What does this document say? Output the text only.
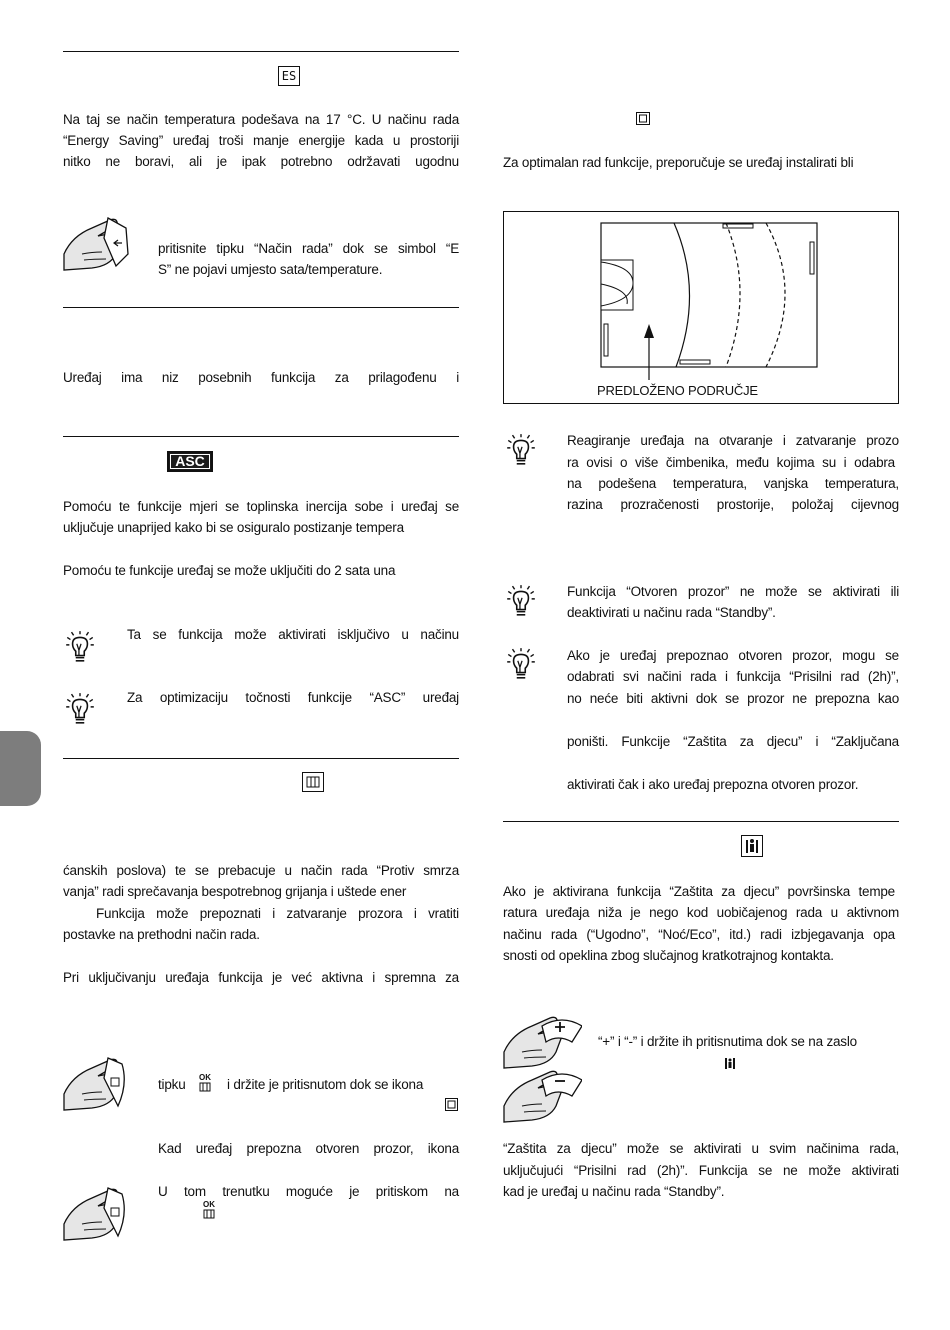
ES
Na taj se način temperatura podešava na 17 °C. U načinu rada
“Energy Saving” uređaj troši manje energije kada u prostoriji
nitko ne boravi, ali je ipak potrebno održavati ugodnu
pritisnite tipku “Način rada” dok se simbol “E
S” ne pojavi umjesto sata/temperature.
Uređaj ima niz posebnih funkcija za prilagođenu i
ASC
Pomoću te funkcije mjeri se toplinska inercija sobe i uređaj se
uključuje unaprijed kako bi se osiguralo postizanje tempera
Pomoću te funkcije uređaj se može uključiti do 2 sata una
Ta se funkcija može aktivirati isključivo u načinu
Za optimizaciju točnosti funkcije “ASC” uređaj
ćanskih poslova) te se prebacuje u način rada “Protiv smrza
vanja” radi sprečavanja bespotrebnog grijanja i uštede ener
Funkcija može prepoznati i zatvaranje prozora i vratiti
postavke na prethodni način rada.
Pri uključivanju uređaja funkcija je već aktivna i spremna za
tipku	OK i držite je pritisnutom dok se ikona
Kad uređaj prepozna otvoren prozor, ikona
U tom trenutku moguće je pritiskom na
OK
Za optimalan rad funkcije, preporučuje se uređaj instalirati bli
PREDLOŽENO PODRUČJE
Reagiranje uređaja na otvaranje i zatvaranje prozo
ra ovisi o više čimbenika, među kojima su i odabra
na podešena temperatura, vanjska temperatura,
razina prozračenosti prostorije, položaj cijevnog
Funkcija “Otvoren prozor” ne može se aktivirati ili
deaktivirati u načinu rada “Standby”.
Ako je uređaj prepoznao otvoren prozor, mogu se
odabrati svi načini rada i funkcija “Prisilni rad (2h)”,
no neće biti aktivni dok se prozor ne prepozna kao
poništi. Funkcije “Zaštita za djecu” i “Zaključana
aktivirati čak i ako uređaj prepozna otvoren prozor.
Ako je aktivirana funkcija “Zaštita za djecu” površinska tempe
ratura uređaja niža je nego kod uobičajenog rada u aktivnom
načinu rada (“Ugodno”, “Noć/Eco”, itd.) radi izbjegavanja opa
snosti od opeklina zbog slučajnog kratkotrajnog kontakta.
“+” i “-” i držite ih pritisnutima dok se na zaslo
“Zaštita za djecu” može se aktivirati u svim načinima rada,
uključujući “Prisilni rad (2h)”. Funkcija se ne može aktivirati
kad je uređaj u načinu rada “Standby”.
